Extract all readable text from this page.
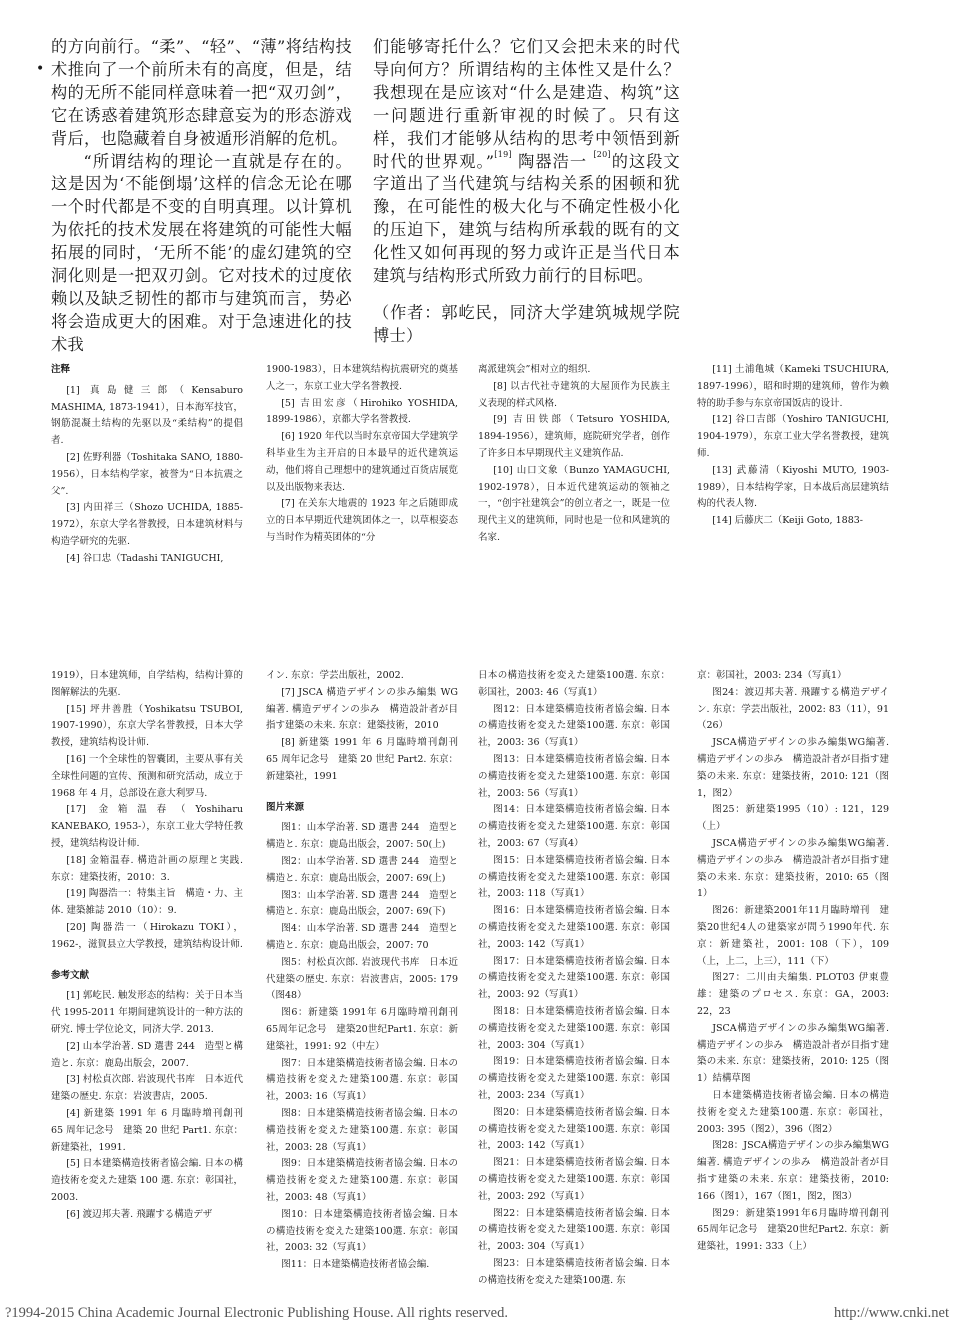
•

的方向前行。“柔”、“轻”、“薄”将结构技术推向了一个前所未有的高度，但是，结构的无所不能同样意味着一把“双刃剑”，它在诱惑着建筑形态肆意妄为的形态游戏背后，也隐藏着自身被遁形消解的危机。

“所谓结构的理论一直就是存在的。这是因为‘不能倒塌’这样的信念无论在哪一个时代都是不变的自明真理。以计算机为依托的技术发展在将建筑的可能性大幅拓展的同时，‘无所不能’的虚幻建筑的空洞化则是一把双刃剑。它对技术的过度依赖以及缺乏韧性的都市与建筑而言，势必将会造成更大的困难。对于急速进化的技术我

们能够寄托什么？它们又会把未来的时代导向何方？所谓结构的主体性又是什么？我想现在是应该对“什么是建造、构筑”这一问题进行重新审视的时候了。只有这样，我们才能够从结构的思考中领悟到新时代的世界观。”[19] 陶器浩一 [20]的这段文字道出了当代建筑与结构关系的困顿和犹豫，在可能性的极大化与不确定性极小化的压迫下，建筑与结构所承载的既有的文化性又如何再现的努力或许正是当代日本建筑与结构形式所致力前行的目标吧。

（作者：郭屹民，同济大学建筑城规学院博士）

注释

[1] 真島健三郎（Kensaburo MASHIMA, 1873-1941），日本海军技官，钢筋混凝土结构的先驱以及“柔结构”的提倡者.

[2] 佐野利器（Toshitaka SANO, 1880-1956），日本结构学家，被誉为“日本抗震之父”.

[3] 内田祥三（Shozo UCHIDA, 1885-1972），东京大学名誉教授，日本建筑材料与构造学研究的先驱.

[4] 谷口忠（Tadashi TANIGUCHI,

1900-1983），日本建筑结构抗震研究的奠基人之一，东京工业大学名誉教授.

[5] 吉田宏彦（Hirohiko YOSHIDA, 1899-1986），京都大学名誉教授.

[6] 1920 年代以当时东京帝国大学建筑学科毕业生为主开启的日本最早的近代建筑运动，他们将自己理想中的建筑通过百货店展览以及出版物来表达.

[7] 在关东大地震的 1923 年之后随即成立的日本早期近代建筑团体之一，以草根姿态与当时作为精英团体的“分

离派建筑会”相对立的组织.

[8] 以古代社寺建筑的大屋顶作为民族主义表现的样式风格.

[9] 吉田铁郎（Tetsuro YOSHIDA, 1894-1956），建筑师，庭院研究学者，创作了许多日本早期现代主义建筑作品.

[10] 山口文象（Bunzo YAMAGUCHI, 1902-1978），日本近代建筑运动的领袖之一，“创宇社建筑会”的创立者之一，既是一位现代主义的建筑师，同时也是一位和风建筑的名家.

[11] 土浦亀城（Kameki TSUCHIURA, 1897-1996），昭和时期的建筑师，曾作为赖特的助手参与东京帝国饭店的设计.

[12] 谷口吉郎（Yoshiro TANIGUCHI, 1904-1979），东京工业大学名誉教授，建筑师.

[13] 武藤清（Kiyoshi MUTO, 1903-1989），日本结构学家，日本战后高层建筑结构的代表人物.

[14] 后藤庆二（Keiji Goto, 1883-

1919），日本建筑师，自学结构，结构计算的图解解法的先驱.

[15] 坪井善胜（Yoshikatsu TSUBOI, 1907-1990），东京大学名誉教授，日本大学教授，建筑结构设计师.

[16] 一个全球性的智囊团，主要从事有关全球性问题的宣传、预测和研究活动，成立于 1968 年 4 月，总部设在意大利罗马.

[17] 金箱温春（Yoshiharu KANEBAKO, 1953-），东京工业大学特任教授，建筑结构设计师.

[18] 金箱温春. 構造計画の原理と実践. 东京：建築技術，2010：3.

[19] 陶器浩一：特集主旨　構造・力、主体. 建築雑誌 2010（10）：9.

[20] 陶器浩一（Hirokazu TOKI），1962-，滋賀县立大学教授，建筑结构设计师.

参考文献

[1] 郭屹民. 触发形态的结构：关于日本当代 1995-2011 年期间建筑设计的一种方法的研究. 博士学位论文，同济大学. 2013.

[2] 山本学治著. SD 選書 244　造型と構造と. 东京：鹿島出版会，2007.

[3] 村松貞次郎. 岩波现代书库　日本近代建築の歴史. 东京：岩波書店，2005.

[4] 新建築 1991 年 6 月臨時増刊創刊 65 周年记念号　建築 20 世纪 Part1. 东京：新建築社，1991.

[5] 日本建築構造技術者協会編. 日本の構造技術を変えた建築 100 選. 东京：彰国社，2003.

[6] 渡辺邦夫著. 飛躍する構造デザ

イン. 东京：学芸出版社，2002.

[7] JSCA 構造デザインの歩み編集 WG 編著. 構造デザインの歩み　構造設計者が目指す建築の未来. 东京：建築技術，2010

[8] 新建築 1991 年 6 月臨時増刊創刊 65 周年记念号　建築 20 世纪 Part2. 东京：新建築社，1991

图片来源

图1：山本学治著. SD 選書 244　造型と構造と. 东京：鹿島出版会，2007: 50(上)

图2：山本学治著. SD 選書 244　造型と構造と. 东京：鹿島出版会，2007: 69(上)

图3：山本学治著. SD 選書 244　造型と構造と. 东京：鹿島出版会，2007: 69(下)

图4：山本学治著. SD 選書 244　造型と構造と. 东京：鹿島出版会，2007: 70

图5：村松貞次郎. 岩波现代书库　日本近代建築の歴史. 东京：岩波書店，2005: 179（图48）

图6：新建築 1991年 6月臨時増刊創刊65周年记念号　建築20世纪Part1. 东京：新建築社，1991: 92（中左）

图7：日本建築構造技術者協会編. 日本の構造技術を変えた建築100選. 东京：彰国社，2003: 16（写真1）

图8：日本建築構造技術者協会編. 日本の構造技術を変えた建築100選. 东京：彰国社，2003: 28（写真1）

图9：日本建築構造技術者協会編. 日本の構造技術を変えた建築100選. 东京：彰国社，2003: 48（写真1）

图10：日本建築構造技術者協会編. 日本の構造技術を変えた建築100選. 东京：彰国社，2003: 32（写真1）

图11：日本建築構造技術者協会編.

日本の構造技術を変えた建築100選. 东京：彰国社，2003: 46（写真1）

图12：日本建築構造技術者協会編. 日本の構造技術を変えた建築100選. 东京：彰国社，2003: 36（写真1）

图13：日本建築構造技術者協会編. 日本の構造技術を変えた建築100選. 东京：彰国社，2003: 56（写真1）

图14：日本建築構造技術者協会編. 日本の構造技術を変えた建築100選. 东京：彰国社，2003: 67（写真4）

图15：日本建築構造技術者協会編. 日本の構造技術を変えた建築100選. 东京：彰国社，2003: 118（写真1）

图16：日本建築構造技術者協会編. 日本の構造技術を変えた建築100選. 东京：彰国社，2003: 142（写真1）

图17：日本建築構造技術者協会編. 日本の構造技術を変えた建築100選. 东京：彰国社，2003: 92（写真1）

图18：日本建築構造技術者協会編. 日本の構造技術を変えた建築100選. 东京：彰国社，2003: 304（写真1）

图19：日本建築構造技術者協会編. 日本の構造技術を変えた建築100選. 东京：彰国社，2003: 234（写真1）

图20：日本建築構造技術者協会編. 日本の構造技術を変えた建築100選. 东京：彰国社，2003: 142（写真1）

图21：日本建築構造技術者協会編. 日本の構造技術を変えた建築100選. 东京：彰国社，2003: 292（写真1）

图22：日本建築構造技術者協会編. 日本の構造技術を変えた建築100選. 东京：彰国社，2003: 304（写真1）

图23：日本建築構造技術者協会編. 日本の構造技術を変えた建築100選. 东

京：彰国社，2003: 234（写真1）

图24：渡辺邦夫著. 飛躍する構造デザイン. 东京：学芸出版社，2002: 83（11），91（26）

JSCA構造デザインの歩み編集WG編著. 構造デザインの歩み　構造設計者が目指す建築の未来. 东京：建築技術，2010: 121（图1，图2）

图25：新建築1995（10）: 121，129（上）

JSCA構造デザインの歩み編集WG編著. 構造デザインの歩み　構造設計者が目指す建築の未来. 东京：建築技術，2010: 65（图1）

图26：新建築2001年11月臨時増刊　建築20世纪4人の建築家が問う1990年代. 东京：新建築社，2001: 108（下），109（上，上二，上三），111（下）

图27：二川由夫編集. PLOT03 伊東豊雄：建築のプロセス. 东京：GA，2003: 22，23

JSCA構造デザインの歩み編集WG編著. 構造デザインの歩み　構造設計者が目指す建築の未来. 东京：建築技術，2010: 125（图1）結構草图

日本建築構造技術者協会編. 日本の構造技術を変えた建築100選. 东京：彰国社，2003: 395（图2），396（图2）

图28：JSCA構造デザインの歩み編集WG編著. 構造デザインの歩み　構造設計者が目指す建築の未来. 东京：建築技術，2010: 166（图1），167（图1，图2，图3）

图29：新建築1991年6月臨時増刊創刊65周年记念号　建築20世纪Part2. 东京：新建築社，1991: 333（上）

?1994-2015 China Academic Journal Electronic Publishing House. All rights reserved.	http://www.cnki.net
